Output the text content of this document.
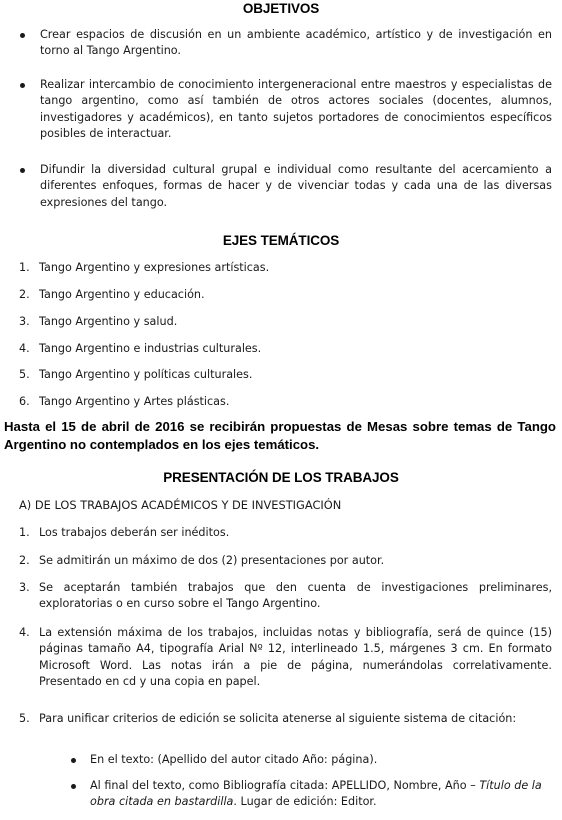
OBJETIVOS
Crear espacios de discusión en un ambiente académico, artístico y de investigación en torno al Tango Argentino.
Realizar intercambio de conocimiento intergeneracional entre maestros y especialistas de tango argentino, como así también de otros actores sociales (docentes, alumnos, investigadores y académicos), en tanto sujetos portadores de conocimientos específicos posibles de interactuar.
Difundir la diversidad cultural grupal e individual como resultante del acercamiento a diferentes enfoques, formas de hacer y de vivenciar todas y cada una de las diversas expresiones del tango.
EJES TEMÁTICOS
1. Tango Argentino y expresiones artísticas.
2. Tango Argentino y educación.
3. Tango Argentino y salud.
4. Tango Argentino e industrias culturales.
5. Tango Argentino y políticas culturales.
6. Tango Argentino y Artes plásticas.
Hasta el 15 de abril de 2016 se recibirán propuestas de Mesas sobre temas de Tango Argentino no contemplados en los ejes temáticos.
PRESENTACIÓN DE LOS TRABAJOS
A) DE LOS TRABAJOS ACADÉMICOS Y DE INVESTIGACIÓN
1. Los trabajos deberán ser inéditos.
2. Se admitirán un máximo de dos (2) presentaciones por autor.
3. Se aceptarán también trabajos que den cuenta de investigaciones preliminares, exploratorias o en curso sobre el Tango Argentino.
4. La extensión máxima de los trabajos, incluidas notas y bibliografía, será de quince (15) páginas tamaño A4, tipografía Arial Nº 12, interlineado 1.5, márgenes 3 cm. En formato Microsoft Word. Las notas irán a pie de página, numerándolas correlativamente. Presentado en cd y una copia en papel.
5. Para unificar criterios de edición se solicita atenerse al siguiente sistema de citación:
En el texto: (Apellido del autor citado Año: página).
Al final del texto, como Bibliografía citada: APELLIDO, Nombre, Año – Título de la obra citada en bastardilla. Lugar de edición: Editor.
